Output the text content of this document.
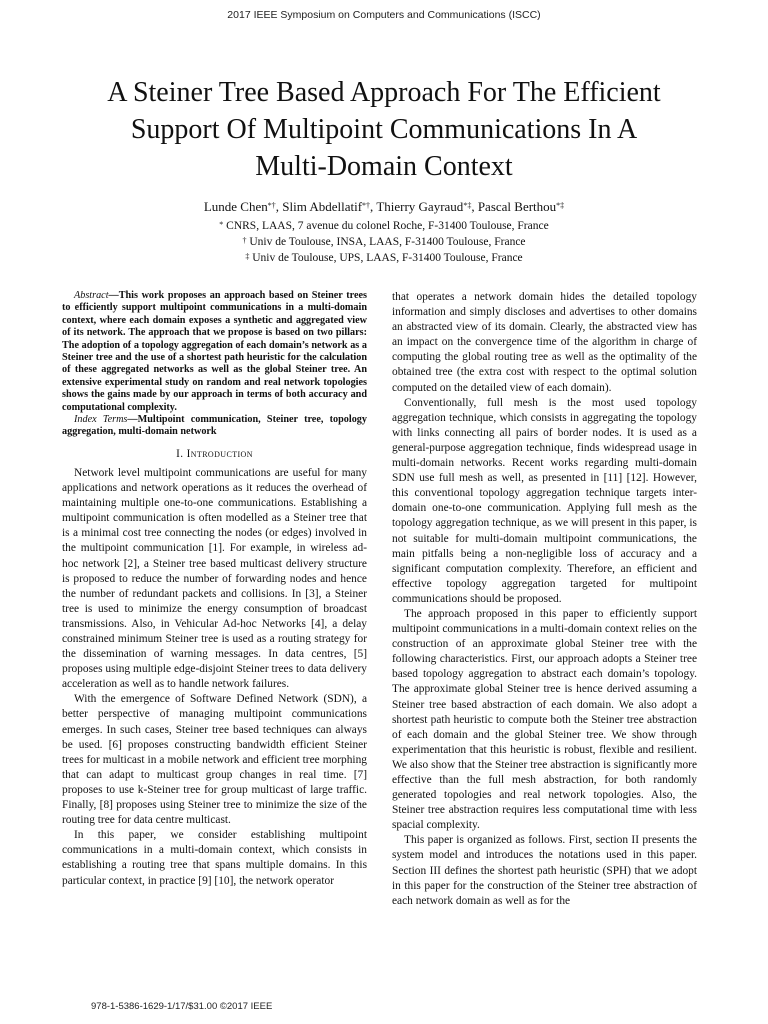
2017 IEEE Symposium on Computers and Communications (ISCC)
A Steiner Tree Based Approach For The Efficient
Support Of Multipoint Communications In A
Multi-Domain Context
Lunde Chen*†, Slim Abdellatif*†, Thierry Gayraud*‡, Pascal Berthou*‡
* CNRS, LAAS, 7 avenue du colonel Roche, F-31400 Toulouse, France
† Univ de Toulouse, INSA, LAAS, F-31400 Toulouse, France
‡ Univ de Toulouse, UPS, LAAS, F-31400 Toulouse, France

Abstract—This work proposes an approach based on Steiner trees to efficiently support multipoint communications in a multi-domain context, where each domain exposes a synthetic and aggregated view of its network. The approach that we propose is based on two pillars: The adoption of a topology aggregation of each domain’s network as a Steiner tree and the use of a shortest path heuristic for the calculation of these aggregated networks as well as the global Steiner tree. An extensive experimental study on random and real network topologies shows the gains made by our approach in terms of both accuracy and computational complexity.

Index Terms—Multipoint communication, Steiner tree, topology aggregation, multi-domain network

I. Introduction

Network level multipoint communications are useful for many applications and network operations as it reduces the overhead of maintaining multiple one-to-one communications. Establishing a multipoint communication is often modelled as a Steiner tree that is a minimal cost tree connecting the nodes (or edges) involved in the multipoint communication [1]. For example, in wireless ad-hoc network [2], a Steiner tree based multicast delivery structure is proposed to reduce the number of forwarding nodes and hence the number of redundant packets and collisions. In [3], a Steiner tree is used to minimize the energy consumption of broadcast transmissions. Also, in Vehicular Ad-hoc Networks [4], a delay constrained minimum Steiner tree is used as a routing strategy for the dissemination of warning messages. In data centres, [5] proposes using multiple edge-disjoint Steiner trees to data delivery acceleration as well as to handle network failures.

With the emergence of Software Defined Network (SDN), a better perspective of managing multipoint communications emerges. In such cases, Steiner tree based techniques can always be used. [6] proposes constructing bandwidth efficient Steiner trees for multicast in a mobile network and efficient tree morphing that can adapt to multicast group changes in real time. [7] proposes to use k-Steiner tree for group multicast of large traffic. Finally, [8] proposes using Steiner tree to minimize the size of the routing tree for data centre multicast.

In this paper, we consider establishing multipoint communications in a multi-domain context, which consists in establishing a routing tree that spans multiple domains. In this particular context, in practice [9] [10], the network operator

that operates a network domain hides the detailed topology information and simply discloses and advertises to other domains an abstracted view of its domain. Clearly, the abstracted view has an impact on the convergence time of the algorithm in charge of computing the global routing tree as well as the optimality of the obtained tree (the extra cost with respect to the optimal solution computed on the detailed view of each domain).

Conventionally, full mesh is the most used topology aggregation technique, which consists in aggregating the topology with links connecting all pairs of border nodes. It is used as a general-purpose aggregation technique, finds widespread usage in multi-domain networks. Recent works regarding multi-domain SDN use full mesh as well, as presented in [11] [12]. However, this conventional topology aggregation technique targets inter-domain one-to-one communication. Applying full mesh as the topology aggregation technique, as we will present in this paper, is not suitable for multi-domain multipoint communications, the main pitfalls being a non-negligible loss of accuracy and a significant computation complexity. Therefore, an efficient and effective topology aggregation targeted for multipoint communications should be proposed.

The approach proposed in this paper to efficiently support multipoint communications in a multi-domain context relies on the construction of an approximate global Steiner tree with the following characteristics. First, our approach adopts a Steiner tree based topology aggregation to abstract each domain’s topology. The approximate global Steiner tree is hence derived assuming a Steiner tree based abstraction of each domain. We also adopt a shortest path heuristic to compute both the Steiner tree abstraction of each domain and the global Steiner tree. We show through experimentation that this heuristic is robust, flexible and resilient. We also show that the Steiner tree abstraction is significantly more effective than the full mesh abstraction, for both randomly generated topologies and real network topologies. Also, the Steiner tree abstraction requires less computational time with less spacial complexity.

This paper is organized as follows. First, section II presents the system model and introduces the notations used in this paper. Section III defines the shortest path heuristic (SPH) that we adopt in this paper for the construction of the Steiner tree abstraction of each network domain as well as for the

978-1-5386-1629-1/17/$31.00 ©2017 IEEE
